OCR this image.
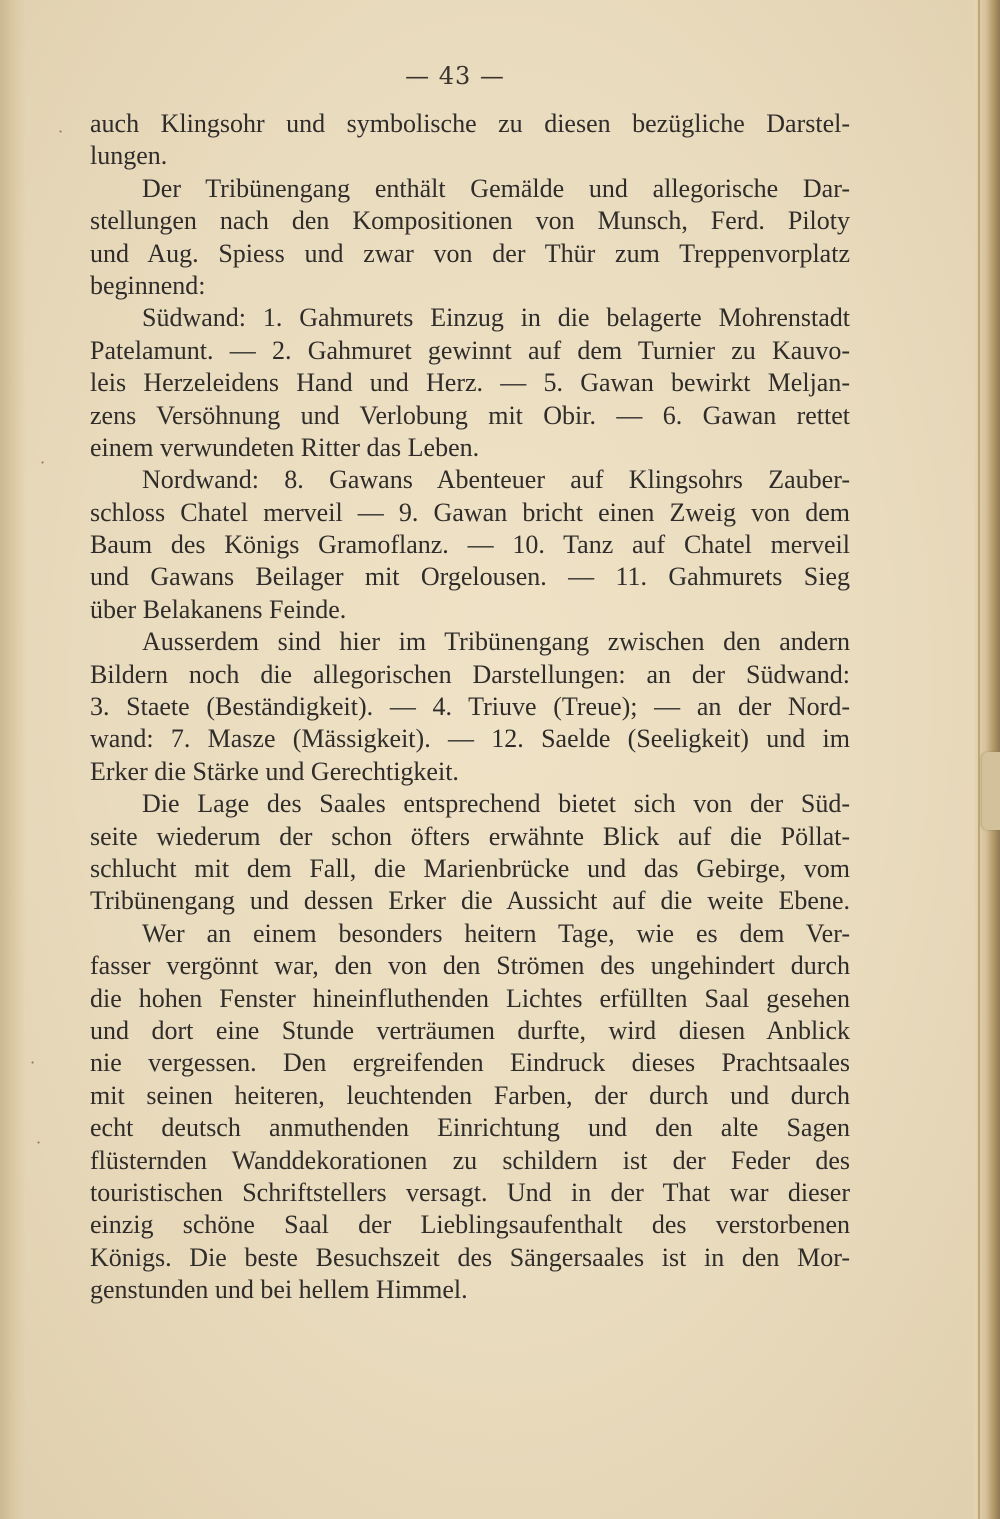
·
·
·
·

— 43 —

auch Klingsohr und symbolische zu diesen bezügliche Darstel-
lungen.
Der Tribünengang enthält Gemälde und allegorische Dar-
stellungen nach den Kompositionen von Munsch, Ferd. Piloty
und Aug. Spiess und zwar von der Thür zum Treppenvorplatz
beginnend:
Südwand: 1. Gahmurets Einzug in die belagerte Mohrenstadt
Patelamunt. — 2. Gahmuret gewinnt auf dem Turnier zu Kauvo-
leis Herzeleidens Hand und Herz. — 5. Gawan bewirkt Meljan-
zens Versöhnung und Verlobung mit Obir. — 6. Gawan rettet
einem verwundeten Ritter das Leben.
Nordwand: 8. Gawans Abenteuer auf Klingsohrs Zauber-
schloss Chatel merveil — 9. Gawan bricht einen Zweig von dem
Baum des Königs Gramoflanz. — 10. Tanz auf Chatel merveil
und Gawans Beilager mit Orgelousen. — 11. Gahmurets Sieg
über Belakanens Feinde.
Ausserdem sind hier im Tribünengang zwischen den andern
Bildern noch die allegorischen Darstellungen: an der Südwand:
3. Staete (Beständigkeit). — 4. Triuve (Treue); — an der Nord-
wand: 7. Masze (Mässigkeit). — 12. Saelde (Seeligkeit) und im
Erker die Stärke und Gerechtigkeit.
Die Lage des Saales entsprechend bietet sich von der Süd-
seite wiederum der schon öfters erwähnte Blick auf die Pöllat-
schlucht mit dem Fall, die Marienbrücke und das Gebirge, vom
Tribünengang und dessen Erker die Aussicht auf die weite Ebene.
Wer an einem besonders heitern Tage, wie es dem Ver-
fasser vergönnt war, den von den Strömen des ungehindert durch
die hohen Fenster hineinfluthenden Lichtes erfüllten Saal gesehen
und dort eine Stunde verträumen durfte, wird diesen Anblick
nie vergessen. Den ergreifenden Eindruck dieses Prachtsaales
mit seinen heiteren, leuchtenden Farben, der durch und durch
echt deutsch anmuthenden Einrichtung und den alte Sagen
flüsternden Wanddekorationen zu schildern ist der Feder des
touristischen Schriftstellers versagt. Und in der That war dieser
einzig schöne Saal der Lieblingsaufenthalt des verstorbenen
Königs. Die beste Besuchszeit des Sängersaales ist in den Mor-
genstunden und bei hellem Himmel.
